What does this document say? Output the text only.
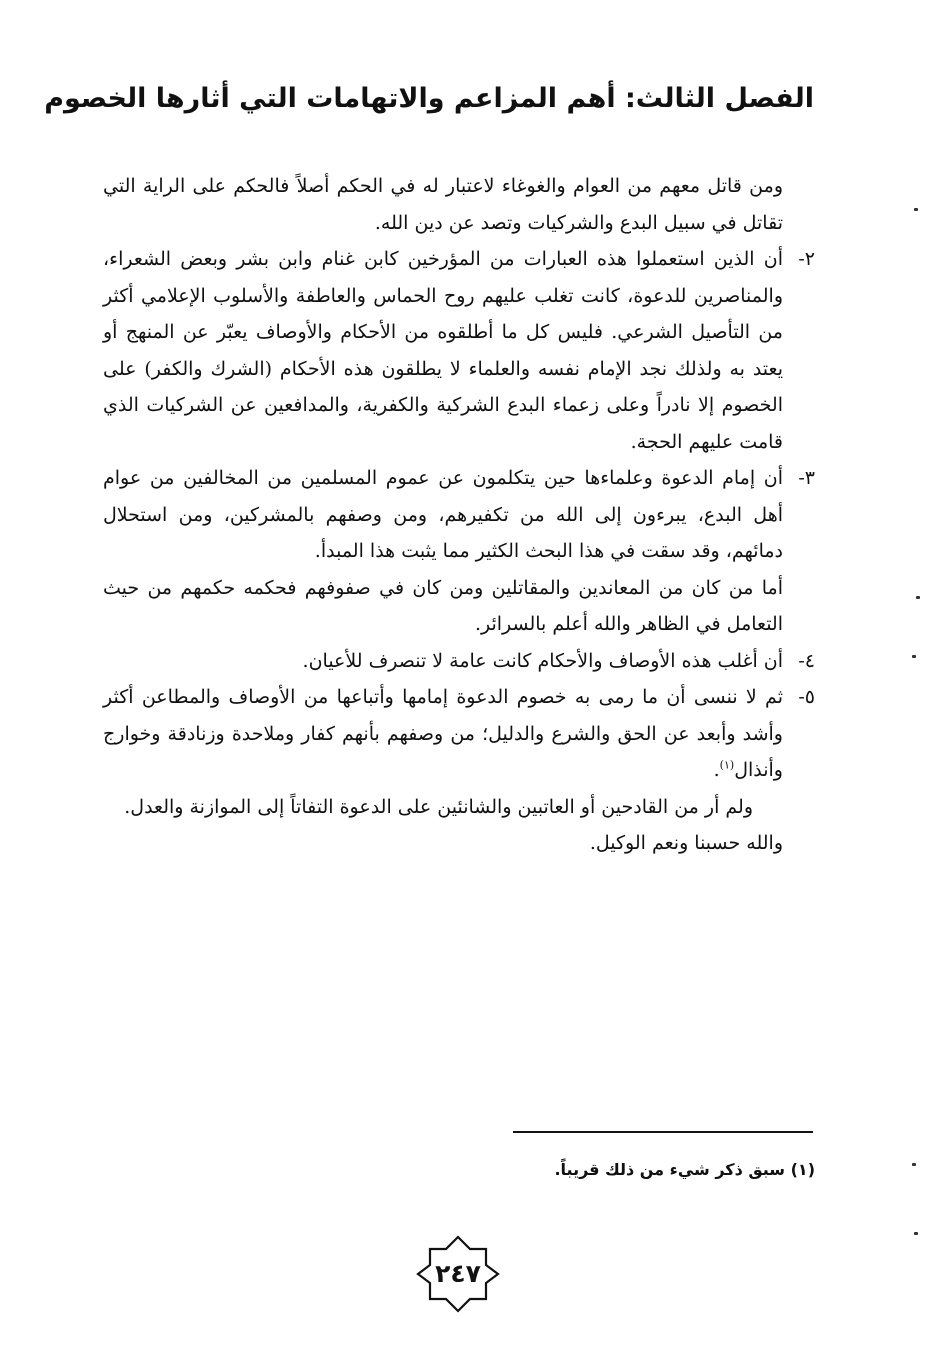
الفصل الثالث: أهم المزاعم والاتهامات التي أثارها الخصوم

ومن قاتل معهم من العوام والغوغاء لاعتبار له في الحكم أصلاً فالحكم على الراية التي تقاتل في سبيل البدع والشركيات وتصد عن دين الله.

٢-

أن الذين استعملوا هذه العبارات من المؤرخين كابن غنام وابن بشر وبعض الشعراء، والمناصرين للدعوة، كانت تغلب عليهم روح الحماس والعاطفة والأسلوب الإعلامي أكثر من التأصيل الشرعي. فليس كل ما أطلقوه من الأحكام والأوصاف يعبّر عن المنهج أو يعتد به ولذلك نجد الإمام نفسه والعلماء لا يطلقون هذه الأحكام (الشرك والكفر) على الخصوم إلا نادراً وعلى زعماء البدع الشركية والكفرية، والمدافعين عن الشركيات الذي قامت عليهم الحجة.

٣-

أن إمام الدعوة وعلماءها حين يتكلمون عن عموم المسلمين من المخالفين من عوام أهل البدع، يبرءون إلى الله من تكفيرهم، ومن وصفهم بالمشركين، ومن استحلال دمائهم، وقد سقت في هذا البحث الكثير مما يثبت هذا المبدأ.

أما من كان من المعاندين والمقاتلين ومن كان في صفوفهم فحكمه حكمهم من حيث التعامل في الظاهر والله أعلم بالسرائر.

٤-

أن أغلب هذه الأوصاف والأحكام كانت عامة لا تنصرف للأعيان.

٥-

ثم لا ننسى أن ما رمى به خصوم الدعوة إمامها وأتباعها من الأوصاف والمطاعن أكثر وأشد وأبعد عن الحق والشرع والدليل؛ من وصفهم بأنهم كفار وملاحدة وزنادقة وخوارج وأنذال$^{(١)}$.

ولم أر من القادحين أو العاتبين والشانئين على الدعوة التفاتاً إلى الموازنة والعدل.

والله حسبنا ونعم الوكيل.

(١) سبق ذكر شيء من ذلك قريباً.
٢٤٧
